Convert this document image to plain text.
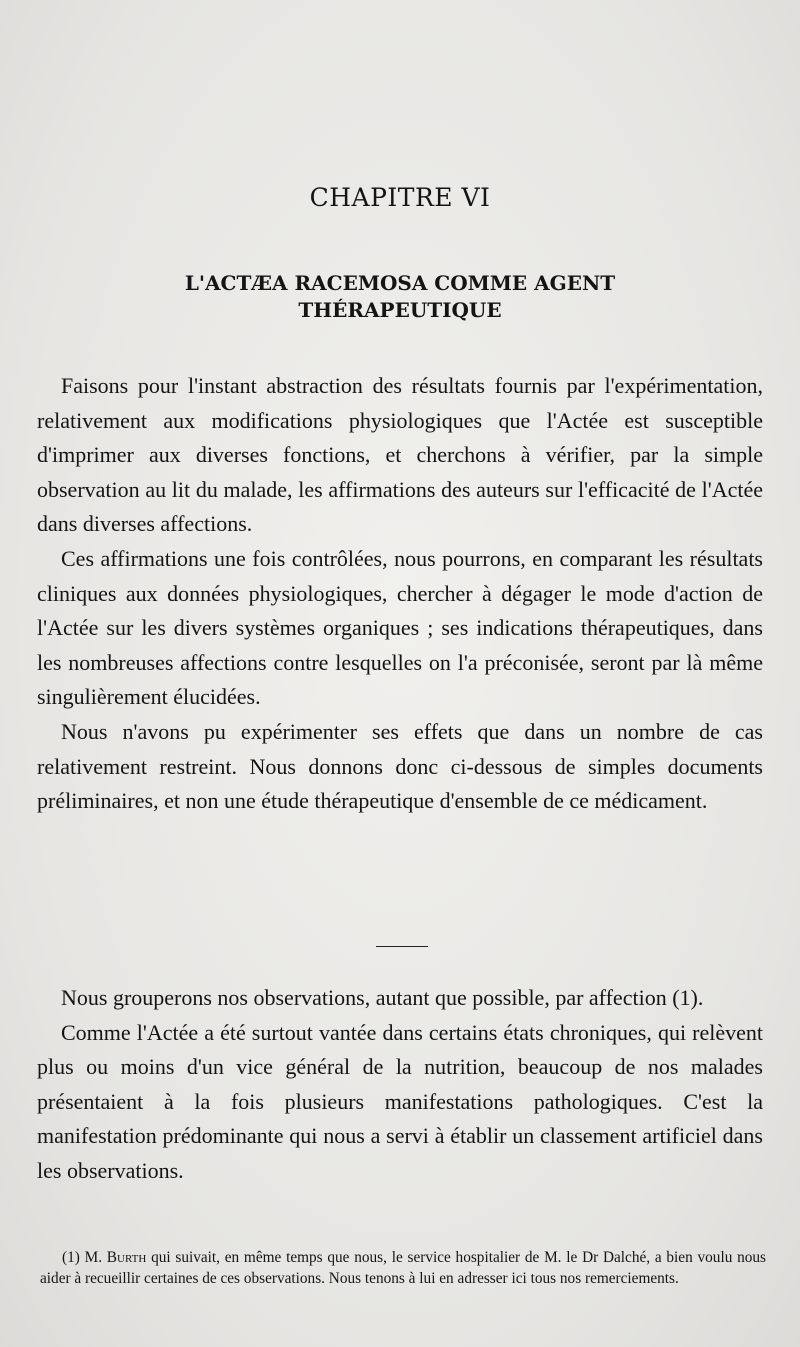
CHAPITRE VI
L'ACTÆA RACEMOSA COMME AGENT
THÉRAPEUTIQUE

Faisons pour l'instant abstraction des résultats fournis par l'expérimentation, relativement aux modifications physiologiques que l'Actée est susceptible d'imprimer aux diverses fonctions, et cherchons à vérifier, par la simple observation au lit du malade, les affirmations des auteurs sur l'efficacité de l'Actée dans diverses affections.

Ces affirmations une fois contrôlées, nous pourrons, en comparant les résultats cliniques aux données physiologiques, chercher à dégager le mode d'action de l'Actée sur les divers systèmes organiques ; ses indications thérapeutiques, dans les nombreuses affections contre lesquelles on l'a préconisée, seront par là même singulièrement élucidées.

Nous n'avons pu expérimenter ses effets que dans un nombre de cas relativement restreint. Nous donnons donc ci-dessous de simples documents préliminaires, et non une étude thérapeutique d'ensemble de ce médicament.

Nous grouperons nos observations, autant que possible, par affection (1).

Comme l'Actée a été surtout vantée dans certains états chroniques, qui relèvent plus ou moins d'un vice général de la nutrition, beaucoup de nos malades présentaient à la fois plusieurs manifestations pathologiques. C'est la manifestation prédominante qui nous a servi à établir un classement artificiel dans les observations.

(1) M. Burth qui suivait, en même temps que nous, le service hospitalier de M. le Dr Dalché, a bien voulu nous aider à recueillir certaines de ces observations. Nous tenons à lui en adresser ici tous nos remerciements.
